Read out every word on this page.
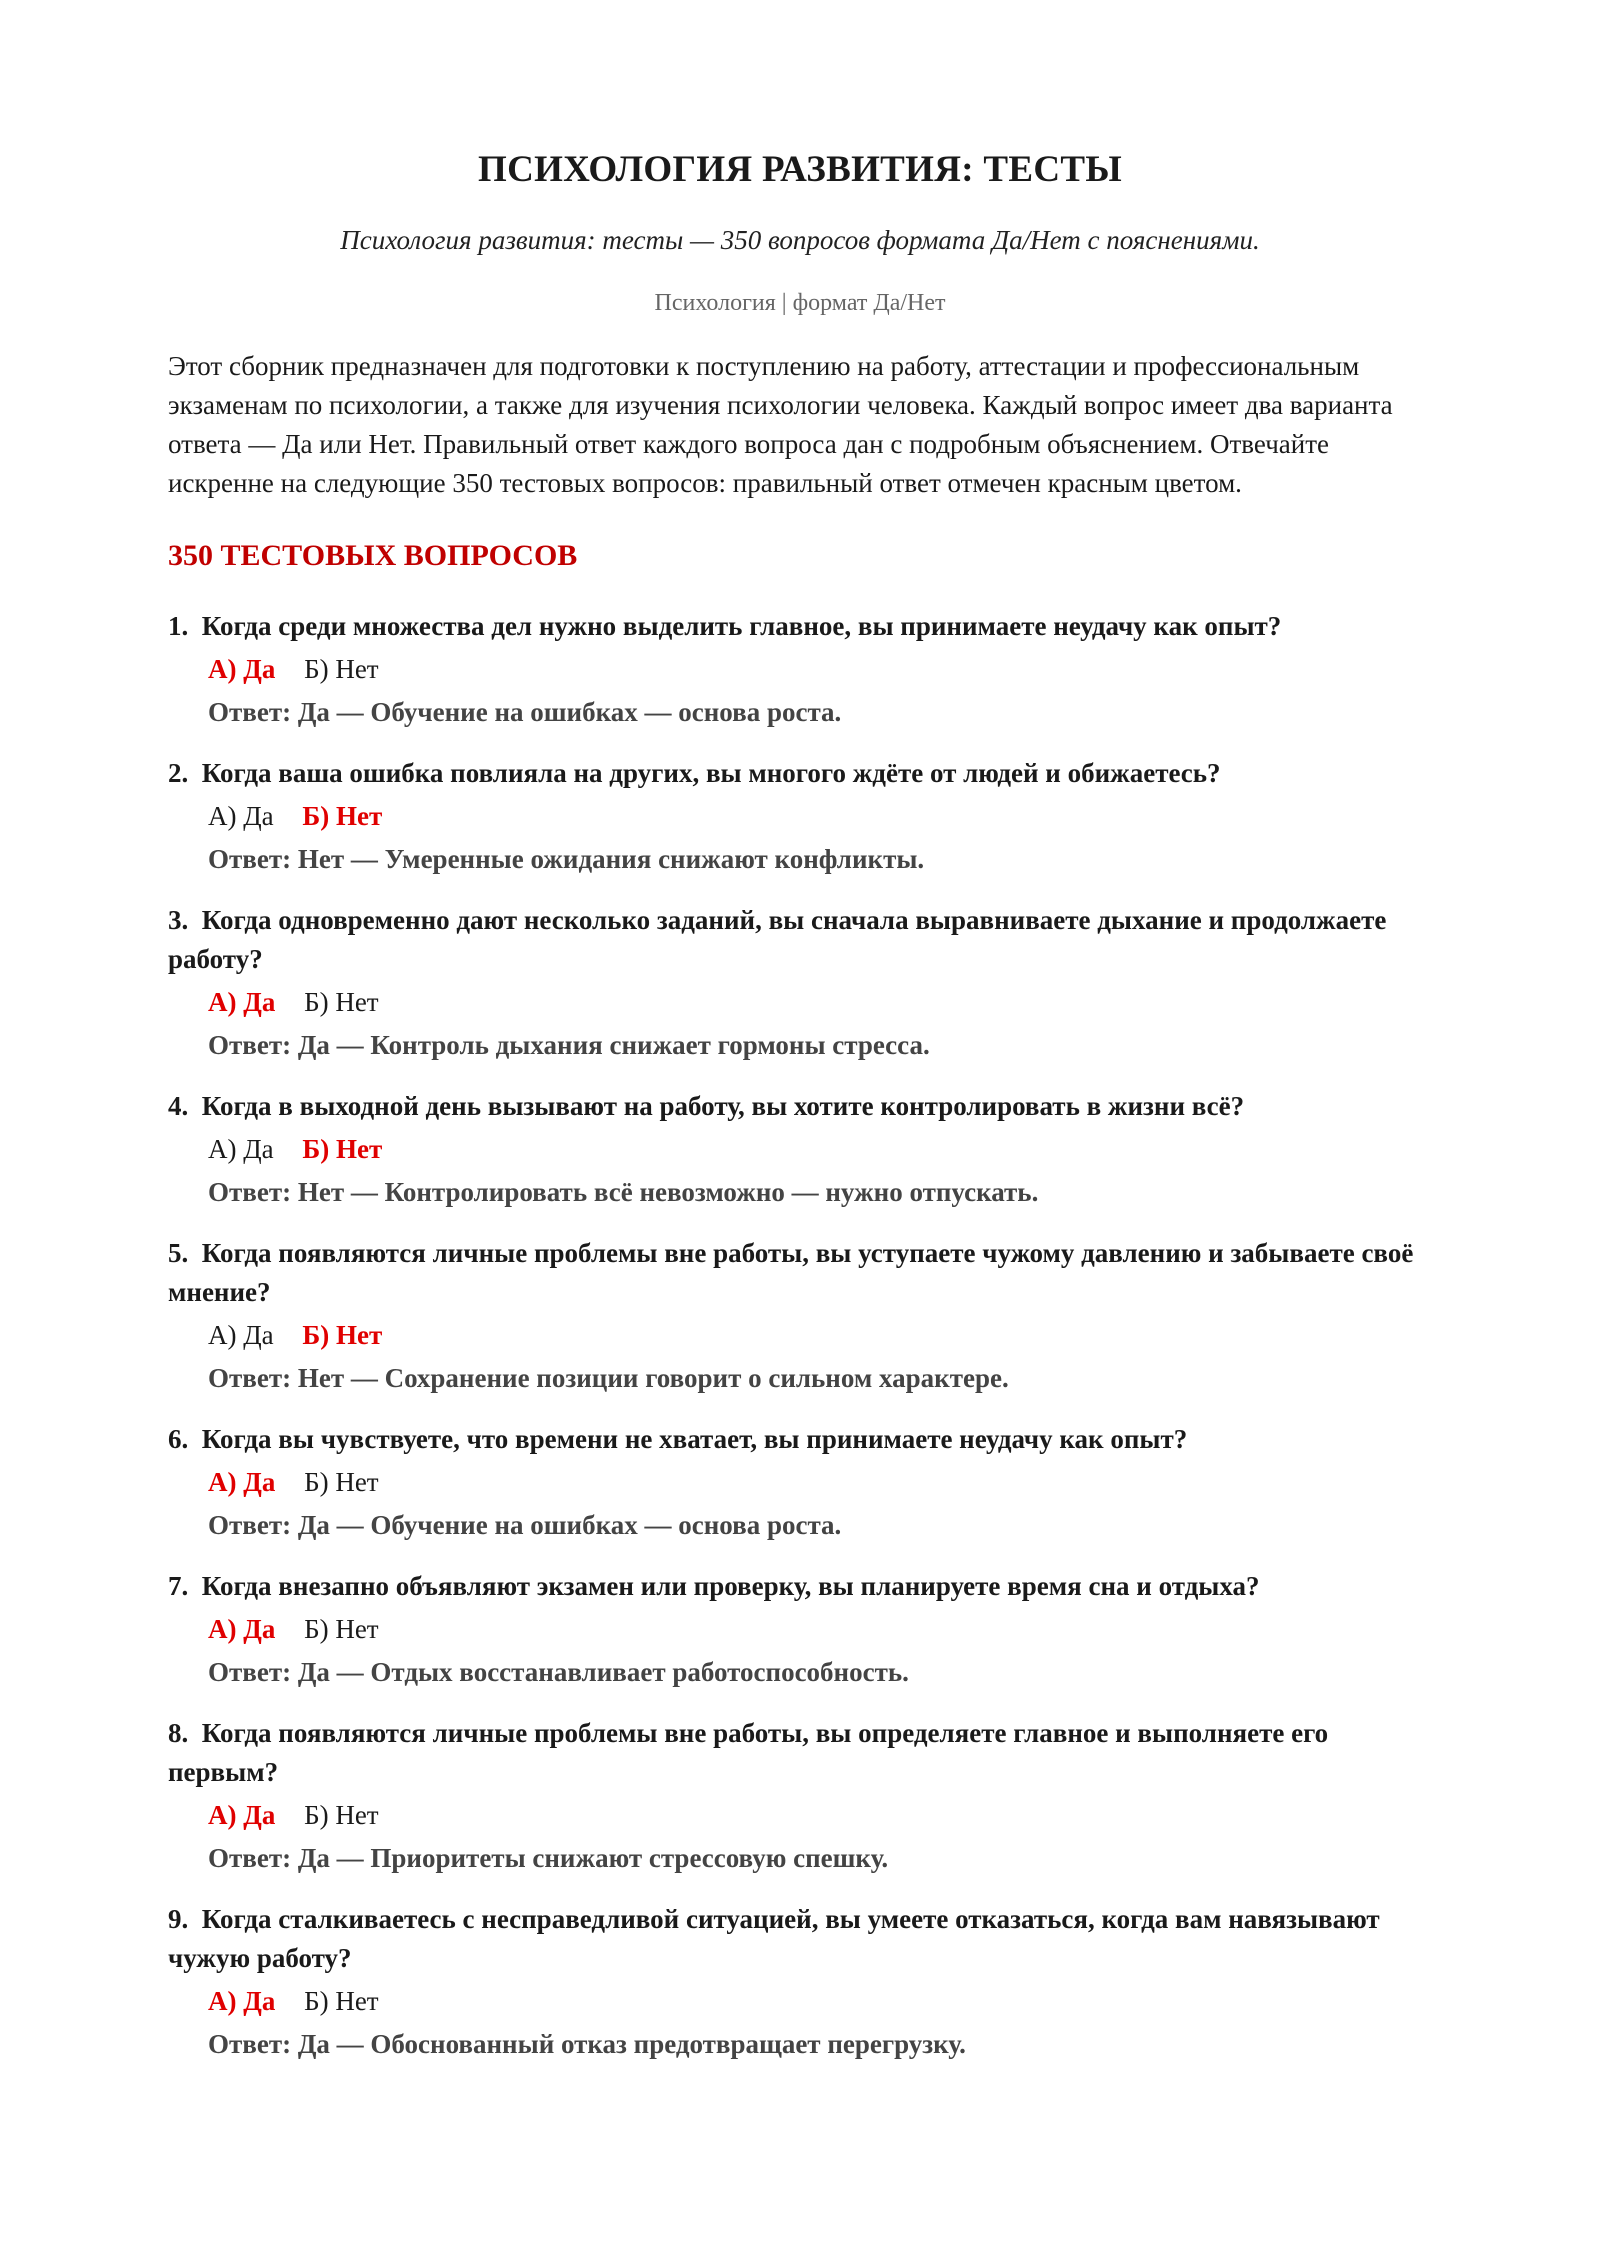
ПСИХОЛОГИЯ РАЗВИТИЯ: ТЕСТЫ
Психология развития: тесты — 350 вопросов формата Да/Нет с пояснениями.
Психология | формат Да/Нет
Этот сборник предназначен для подготовки к поступлению на работу, аттестации и профессиональным экзаменам по психологии, а также для изучения психологии человека. Каждый вопрос имеет два варианта ответа — Да или Нет. Правильный ответ каждого вопроса дан с подробным объяснением. Отвечайте искренне на следующие 350 тестовых вопросов: правильный ответ отмечен красным цветом.
350 ТЕСТОВЫХ ВОПРОСОВ
1. Когда среди множества дел нужно выделить главное, вы принимаете неудачу как опыт?
А) Да Б) Нет
Ответ: Да — Обучение на ошибках — основа роста.
2. Когда ваша ошибка повлияла на других, вы многого ждёте от людей и обижаетесь?
А) Да Б) Нет
Ответ: Нет — Умеренные ожидания снижают конфликты.
3. Когда одновременно дают несколько заданий, вы сначала выравниваете дыхание и продолжаете работу?
А) Да Б) Нет
Ответ: Да — Контроль дыхания снижает гормоны стресса.
4. Когда в выходной день вызывают на работу, вы хотите контролировать в жизни всё?
А) Да Б) Нет
Ответ: Нет — Контролировать всё невозможно — нужно отпускать.
5. Когда появляются личные проблемы вне работы, вы уступаете чужому давлению и забываете своё мнение?
А) Да Б) Нет
Ответ: Нет — Сохранение позиции говорит о сильном характере.
6. Когда вы чувствуете, что времени не хватает, вы принимаете неудачу как опыт?
А) Да Б) Нет
Ответ: Да — Обучение на ошибках — основа роста.
7. Когда внезапно объявляют экзамен или проверку, вы планируете время сна и отдыха?
А) Да Б) Нет
Ответ: Да — Отдых восстанавливает работоспособность.
8. Когда появляются личные проблемы вне работы, вы определяете главное и выполняете его первым?
А) Да Б) Нет
Ответ: Да — Приоритеты снижают стрессовую спешку.
9. Когда сталкиваетесь с несправедливой ситуацией, вы умеете отказаться, когда вам навязывают чужую работу?
А) Да Б) Нет
Ответ: Да — Обоснованный отказ предотвращает перегрузку.
